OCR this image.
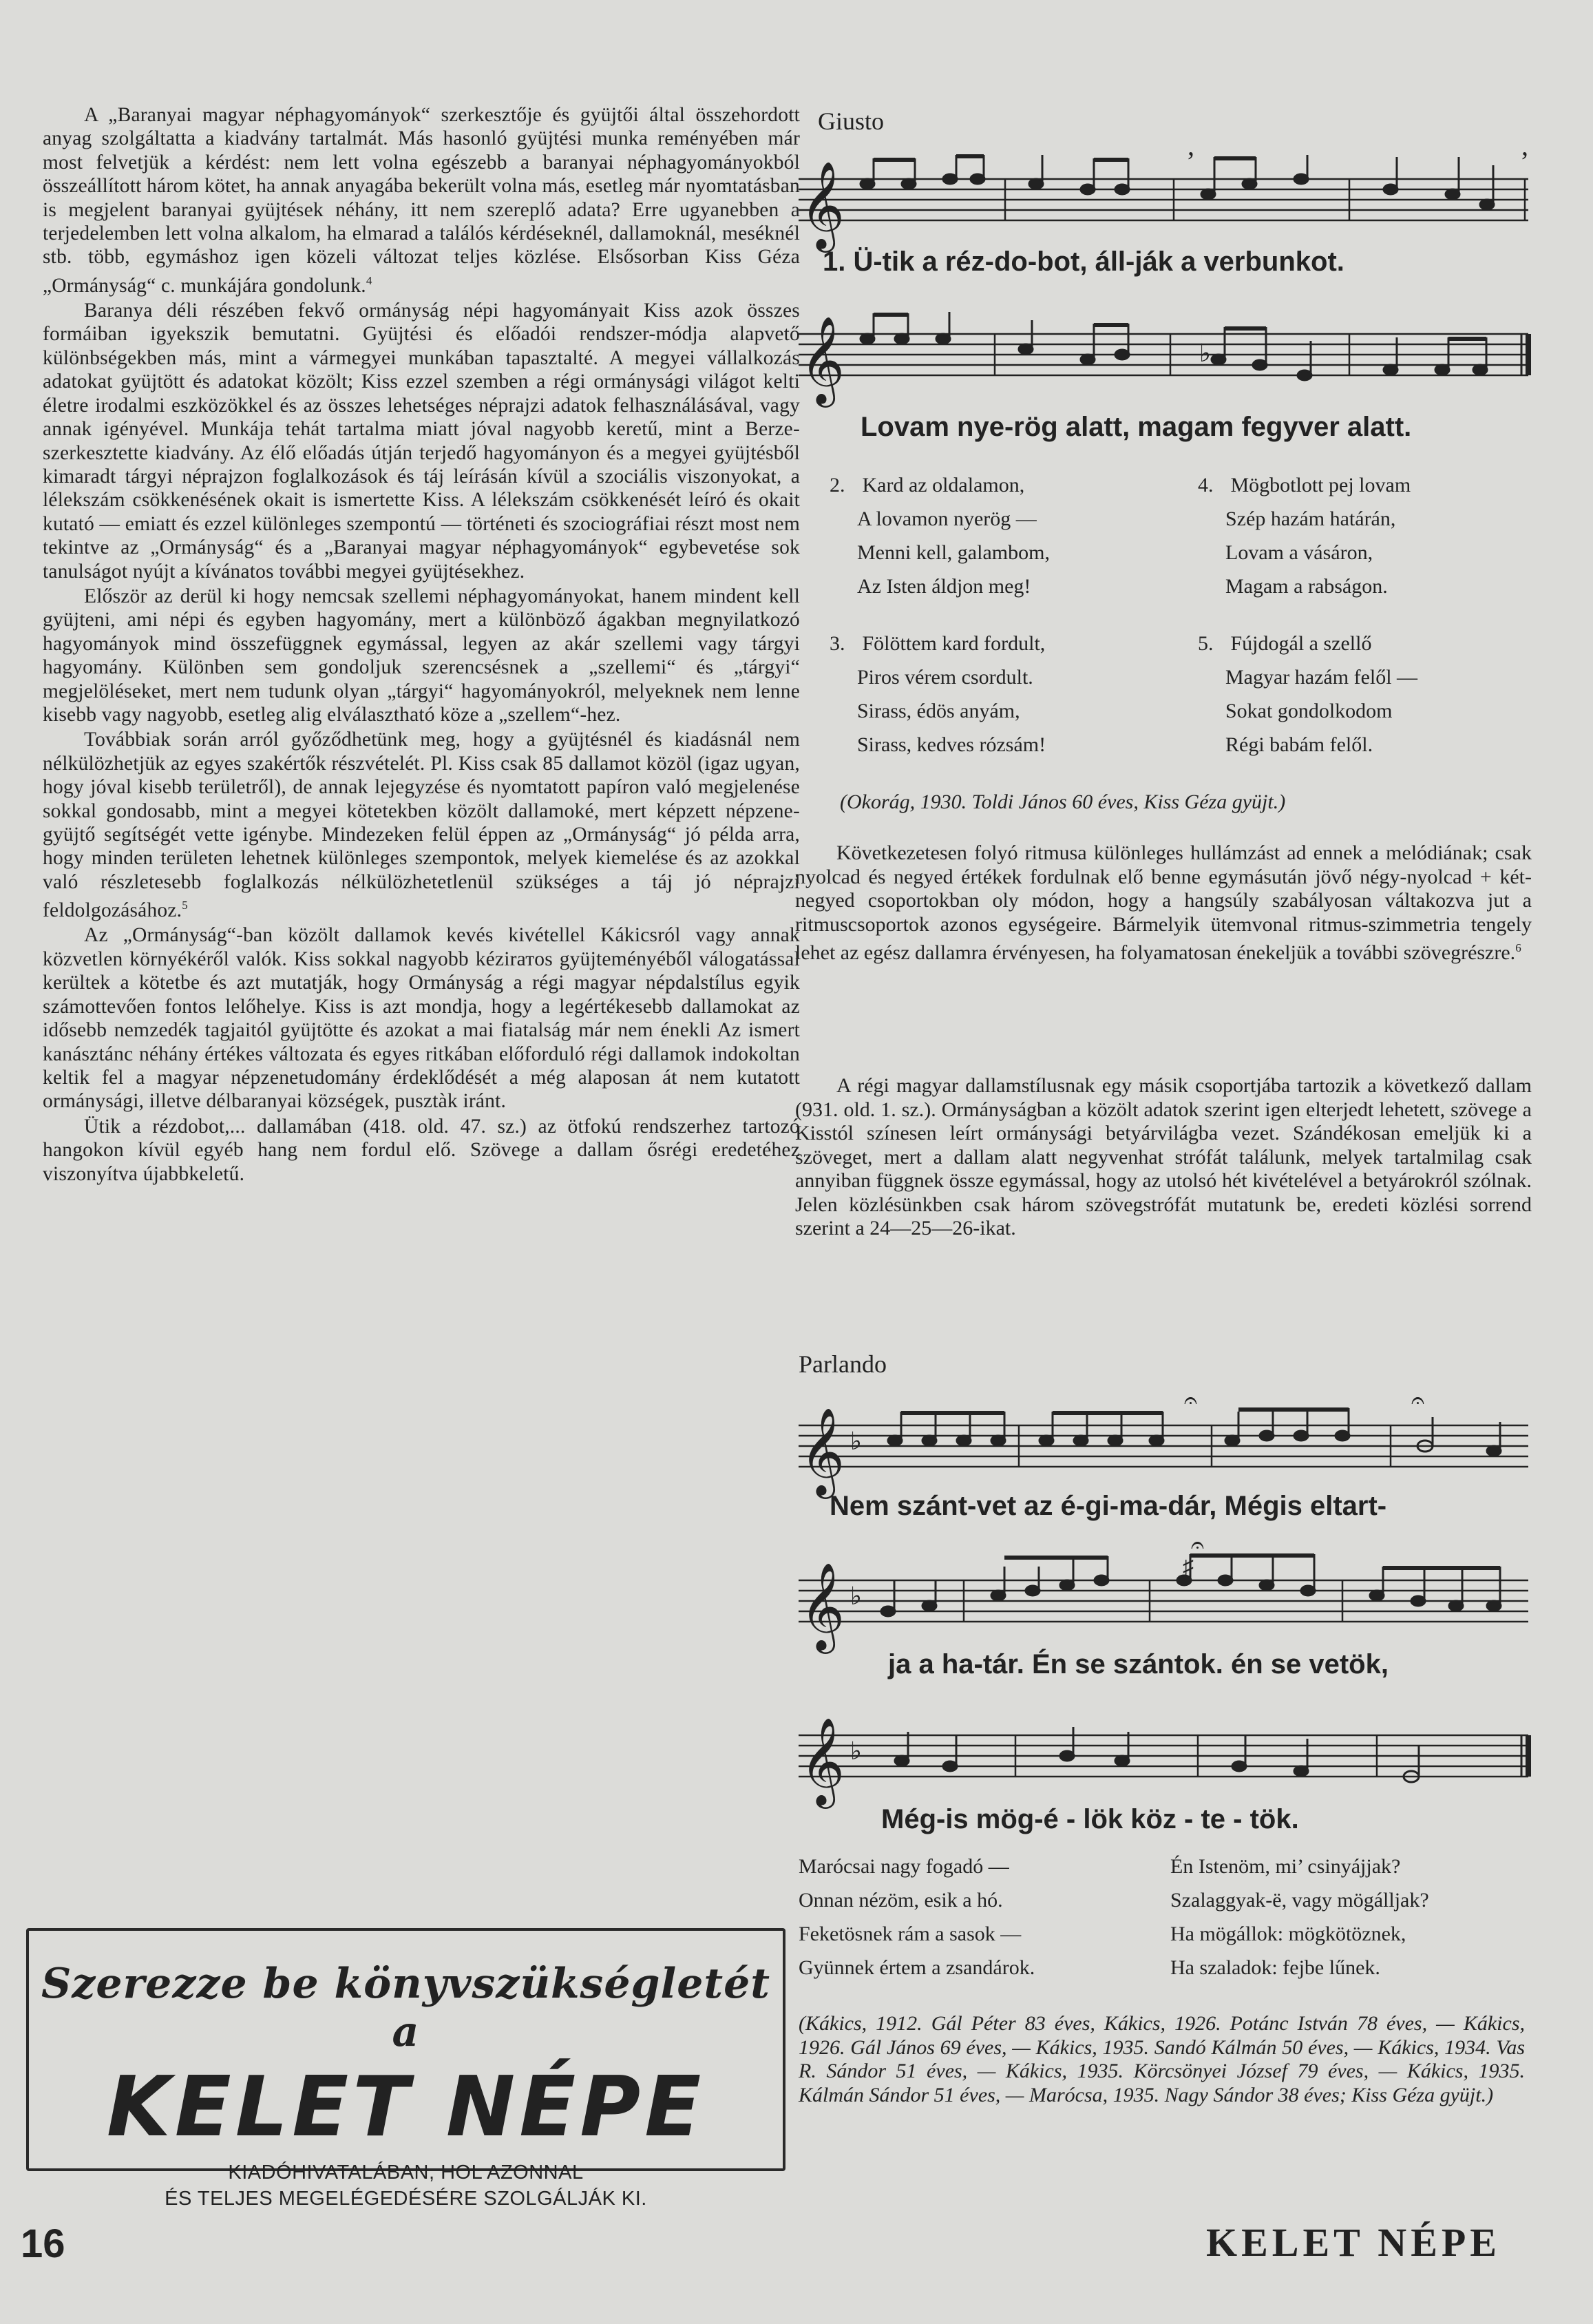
A „Baranyai magyar néphagyományok“ szerkesztője és gyüjtői által összehordott anyag szolgáltatta a kiadvány tartalmát. Más hasonló gyüjtési munka reményében már most felvetjük a kérdést: nem lett volna egészebb a baranyai néphagyományokból összeállított három kötet, ha annak anyagába bekerült volna más, esetleg már nyomtatásban is megjelent baranyai gyüjtések néhány, itt nem szereplő adata? Erre ugyanebben a terjedelemben lett volna alkalom, ha elmarad a találós kérdéseknél, dallamoknál, meséknél stb. több, egymáshoz igen közeli változat teljes közlése. Elsősorban Kiss Géza „Ormányság“ c. munkájára gondolunk.$^4$

Baranya déli részében fekvő ormányság népi hagyományait Kiss azok összes formáiban igyekszik bemutatni. Gyüjtési és előadói rendszer-módja alapvető különbségekben más, mint a vármegyei munkában tapasztalté. A megyei vállalkozás adatokat gyüjtött és adatokat közölt; Kiss ezzel szemben a régi ormánysági világot kelti életre irodalmi eszközökkel és az összes lehetséges néprajzi adatok felhasználásával, vagy annak igényével. Munkája tehát tartalma miatt jóval nagyobb keretű, mint a Berze-szerkesztette kiadvány. Az élő előadás útján terjedő hagyományon és a megyei gyüjtésből kimaradt tárgyi néprajzon foglalkozások és táj leírásán kívül a szociális viszonyokat, a lélekszám csökkenésének okait is ismertette Kiss. A lélekszám csökkenését leíró és okait kutató — emiatt és ezzel különleges szempontú — történeti és szociográfiai részt most nem tekintve az „Ormányság“ és a „Baranyai magyar néphagyományok“ egybevetése sok tanulságot nyújt a kívánatos további megyei gyüjtésekhez.

Először az derül ki hogy nemcsak szellemi néphagyományokat, hanem mindent kell gyüjteni, ami népi és egyben hagyomány, mert a különböző ágakban megnyilatkozó hagyományok mind összefüggnek egymással, legyen az akár szellemi vagy tárgyi hagyomány. Különben sem gondoljuk szerencsésnek a „szellemi“ és „tárgyi“ megjelöléseket, mert nem tudunk olyan „tárgyi“ hagyományokról, melyeknek nem lenne kisebb vagy nagyobb, esetleg alig elválasztható köze a „szellem“-hez.

Továbbiak során arról győződhetünk meg, hogy a gyüjtésnél és kiadásnál nem nélkülözhetjük az egyes szakértők részvételét. Pl. Kiss csak 85 dallamot közöl (igaz ugyan, hogy jóval kisebb területről), de annak lejegyzése és nyomtatott papíron való megjelenése sokkal gondosabb, mint a megyei kötetekben közölt dallamoké, mert képzett népzene-gyüjtő segítségét vette igénybe. Mindezeken felül éppen az „Ormányság“ jó példa arra, hogy minden területen lehetnek különleges szempontok, melyek kiemelése és az azokkal való részletesebb foglalkozás nélkülözhetetlenül szükséges a táj jó néprajzi feldolgozásához.$^5$

Az „Ormányság“-ban közölt dallamok kevés kivétellel Kákicsról vagy annak közvetlen környékéről valók. Kiss sokkal nagyobb kézirатos gyüjteményéből válogatással kerültek a kötetbe és azt mutatják, hogy Ormányság a régi magyar népdalstílus egyik számottevően fontos lelőhelye. Kiss is azt mondja, hogy a legértékesebb dallamokat az idősebb nemzedék tagjaitól gyüjtötte és azokat a mai fiatalság már nem énekli Az ismert kanásztánc néhány értékes változata és egyes ritkában előforduló régi dallamok indokoltan keltik fel a magyar népzenetudomány érdeklődését a még alaposan át nem kutatott ormánysági, illetve délbaranyai községek, pusztàk iránt.

Ütik a rézdobot,... dallamában (418. old. 47. sz.) az ötfokú rendszerhez tartozó hangokon kívül egyéb hang nem fordul elő. Szövege a dallam ősrégi eredetéhez viszonyítva újabbkeletű.

Szerezze be könyvszükségletét a
KELET NÉPE
KIADÓHIVATALÁBAN, HOL AZONNAL
ÉS TELJES MEGELÉGEDÉSÉRE SZOLGÁLJÁK KI.
16	KELET NÉPE
Giusto
𝄞
,	,
1. Ü-tik a réz-do-bot, áll-ják a verbunkot.
𝄞	♭
Lovam nye-rög alatt, magam fegyver alatt.
2. Kard az oldalamon,
A lovamon nyerög —
Menni kell, galambom,
Az Isten áldjon meg!
4. Mögbotlott pej lovam
Szép hazám határán,
Lovam a vásáron,
Magam a rabságon.
3. Fölöttem kard fordult,
Piros vérem csordult.
Sirass, édös anyám,
Sirass, kedves rózsám!
5. Fújdogál a szellő
Magyar hazám felől —
Sokat gondolkodom
Régi babám felől.
(Okorág, 1930. Toldi János 60 éves, Kiss Géza gyüjt.)

Következetesen folyó ritmusa különleges hullámzást ad ennek a melódiának; csak nyolcad és negyed értékek fordulnak elő benne egymásután jövő négy-nyolcad + két-negyed csoportokban oly módon, hogy a hangsúly szabályosan váltakozva jut a ritmuscsoportok azonos egységeire. Bármelyik ütemvonal ritmus-szimmetria tengely lehet az egész dallamra érvényesen, ha folyamatosan énekeljük a további szövegrészre.$^6$

A régi magyar dallamstílusnak egy másik csoportjába tartozik a következő dallam (931. old. 1. sz.). Ormányságban a közölt adatok szerint igen elterjedt lehetett, szövege a Kisstól színesen leírt ormánysági betyárvilágba vezet. Szándékosan emeljük ki a szöveget, mert a dallam alatt negyvenhat strófát találunk, melyek tartalmilag csak annyiban függnek össze egymással, hogy az utolsó hét kivételével a betyárokról szólnak. Jelen közlésünkben csak három szövegstrófát mutatunk be, eredeti közlési sorrend szerint a 24—25—26-ikat.

Parlando
𝄞 ♭
𝄐	𝄐
Nem szánt-vet az é-gi-ma-dár, Mégis eltart-
𝄞 ♭
♯
𝄐
ja a ha-tár. Én se szántok. én se vetök,
𝄞 ♭
Még-is mög-é - lök köz - te - tök.
Marócsai nagy fogadó —
Onnan nézöm, esik a hó.
Feketösnek rám a sasok —
Gyünnek értem a zsandárok.
Én Istenöm, mi’ csinyájjak?
Szalaggyak-ë, vagy mögálljak?
Ha mögállok: mögkötöznek,
Ha szaladok: fejbe lűnek.

(Kákics, 1912. Gál Péter 83 éves, Kákics, 1926. Potánc István 78 éves, — Kákics, 1926. Gál János 69 éves, — Kákics, 1935. Sandó Kálmán 50 éves, — Kákics, 1934. Vas R. Sándor 51 éves, — Kákics, 1935. Körcsönyei József 79 éves, — Kákics, 1935. Kálmán Sándor 51 éves, — Marócsa, 1935. Nagy Sándor 38 éves; Kiss Géza gyüjt.)
